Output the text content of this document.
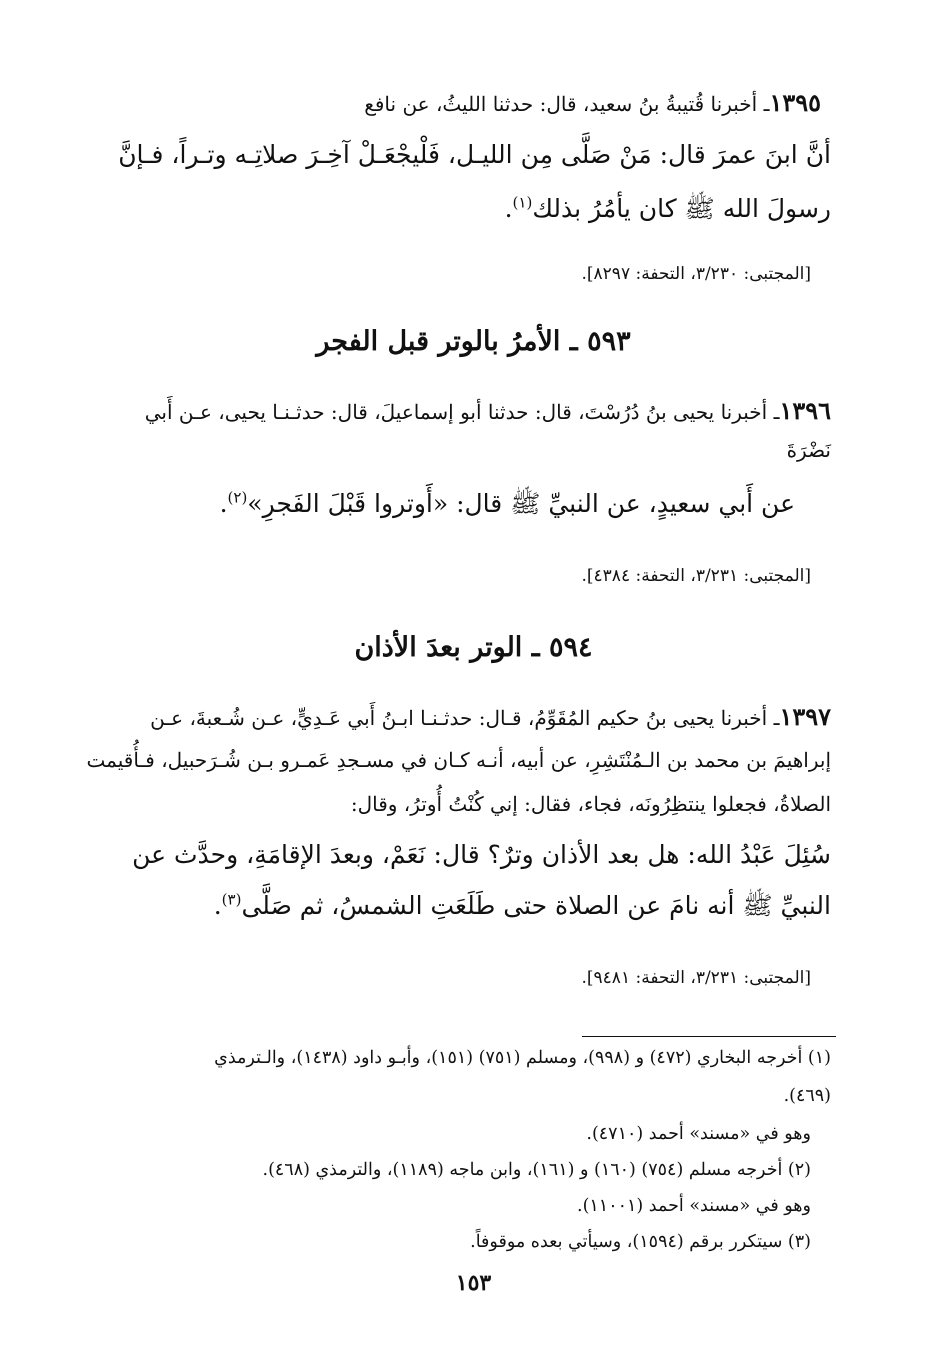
١٣٩٥ـ أخبرنا قُتيبةُ بنُ سعيد، قال: حدثنا الليثُ، عن نافع

أنَّ ابنَ عمرَ قال: مَنْ صَلَّى مِن الليـل، فَلْيجْعَـلْ آخِـرَ صلاتِـه وتـراً، فـإنَّ

رسولَ الله ﷺ كان يأمُرُ بذلك$^{(١)}$.

[المجتبى: ٣/٢٣٠، التحفة: ٨٢٩٧].

٥٩٣ ـ الأمرُ بالوتر قبل الفجر

١٣٩٦ـ أخبرنا يحيى بنُ دُرُسْتَ، قال: حدثنا أبو إسماعيلَ، قال: حدثـنـا يحيى، عـن أَبي

نَضْرَةَ

عن أَبي سعيدٍ، عن النبيِّ ﷺ قال: «أَوتروا قَبْلَ الفَجرِ»$^{(٢)}$.

[المجتبى: ٣/٢٣١، التحفة: ٤٣٨٤].

٥٩٤ ـ الوتر بعدَ الأذان

١٣٩٧ـ أخبرنا يحيى بنُ حكيم المُقَوِّمُ، قـال: حدثـنـا ابـنُ أَبي عَـدِيٍّ، عـن شُـعبةَ، عـن

إبراهيمَ بن محمد بن الـمُنْتَشِرِ، عن أبيه، أنـه كـان في مسـجدِ عَمـرو بـن شُـرَحبيل، فـأُقيمت

الصلاةُ، فجعلوا ينتظِرُونَه، فجاء، فقال: إني كُنْتُ أُوترُ، وقال:

سُئِلَ عَبْدُ الله: هل بعد الأذان وترٌ؟ قال: نَعَمْ، وبعدَ الإقامَةِ، وحدَّث عن

النبيِّ ﷺ أنه نامَ عن الصلاة حتى طَلَعَتِ الشمسُ، ثم صَلَّى$^{(٣)}$.

[المجتبى: ٣/٢٣١، التحفة: ٩٤٨١].

(١) أخرجه البخاري (٤٧٢) و (٩٩٨)، ومسلم (٧٥١) (١٥١)، وأبـو داود (١٤٣٨)، والـترمذي

(٤٦٩).

وهو في «مسند» أحمد (٤٧١٠).

(٢) أخرجه مسلم (٧٥٤) (١٦٠) و (١٦١)، وابن ماجه (١١٨٩)، والترمذي (٤٦٨).

وهو في «مسند» أحمد (١١٠٠١).

(٣) سيتكرر برقم (١٥٩٤)، وسيأتي بعده موقوفاً.

١٥٣
